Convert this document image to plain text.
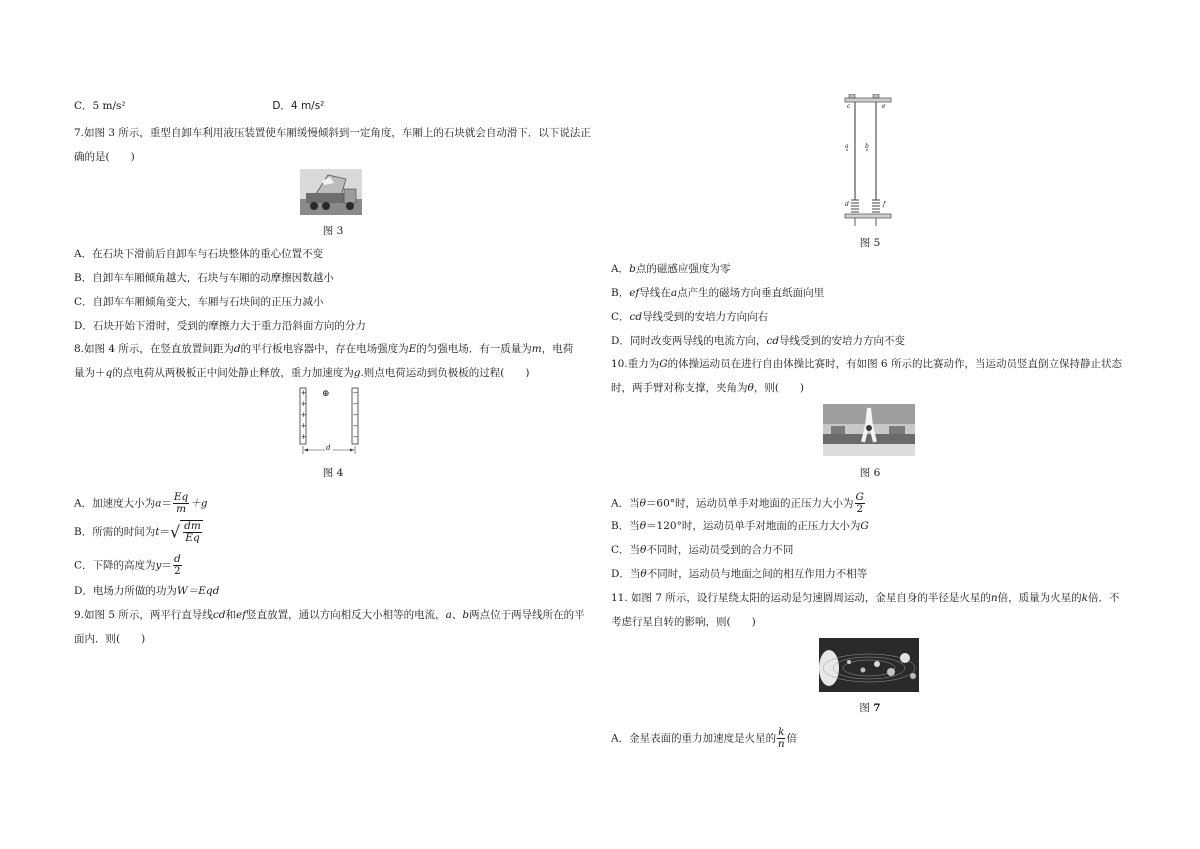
C．5 m/s²	D．4 m/s²
7.如图 3 所示，重型自卸车利用液压装置使车厢缓慢倾斜到一定角度，车厢上的石块就会自动滑下．以下说法正
确的是(　　)
图 3
A．在石块下滑前后自卸车与石块整体的重心位置不变
B．自卸车车厢倾角越大，石块与车厢的动摩擦因数越小
C．自卸车车厢倾角变大，车厢与石块间的正压力减小
D．石块开始下滑时，受到的摩擦力大于重力沿斜面方向的分力
8.如图 4 所示，在竖直放置间距为d的平行板电容器中，存在电场强度为E的匀强电场．有一质量为m，电荷
量为＋q的点电荷从两极板正中间处静止释放，重力加速度为g.则点电荷运动到负极板的过程(　　)
+
+
+
+
+
−
−
−
−
−
⊕
d
图 4
A．加速度大小为$a= \frac{Eq}{m} +g$
B．所需的时间为$t=√ \frac{dm}{Eq}$
C．下降的高度为$y= \frac{d}{2}$
D．电场力所做的功为W＝Eqd
9.如图 5 所示，两平行直导线cd和ef竖直放置，通以方向相反大小相等的电流，a、b两点位于两导线所在的平
面内．则(　　)
c	e
a	b
d	f
图 5
A．b点的磁感应强度为零
B．ef导线在a点产生的磁场方向垂直纸面向里
C．cd导线受到的安培力方向向右
D．同时改变两导线的电流方向，cd导线受到的安培力方向不变
10.重力为G的体操运动员在进行自由体操比赛时，有如图 6 所示的比赛动作，当运动员竖直倒立保持静止状态
时，两手臂对称支撑，夹角为θ，则(　　)
图 6
A．当θ＝60°时，运动员单手对地面的正压力大小为 $\frac{G}{2}$
B．当θ＝120°时，运动员单手对地面的正压力大小为G
C．当θ不同时，运动员受到的合力不同
D．当θ不同时，运动员与地面之间的相互作用力不相等
11. 如图 7 所示，设行星绕太阳的运动是匀速圆周运动，金星自身的半径是火星的n倍，质量为火星的k倍．不
考虑行星自转的影响，则(　　)
图 7
A．金星表面的重力加速度是火星的 $\frac{k}{n}$ 倍
